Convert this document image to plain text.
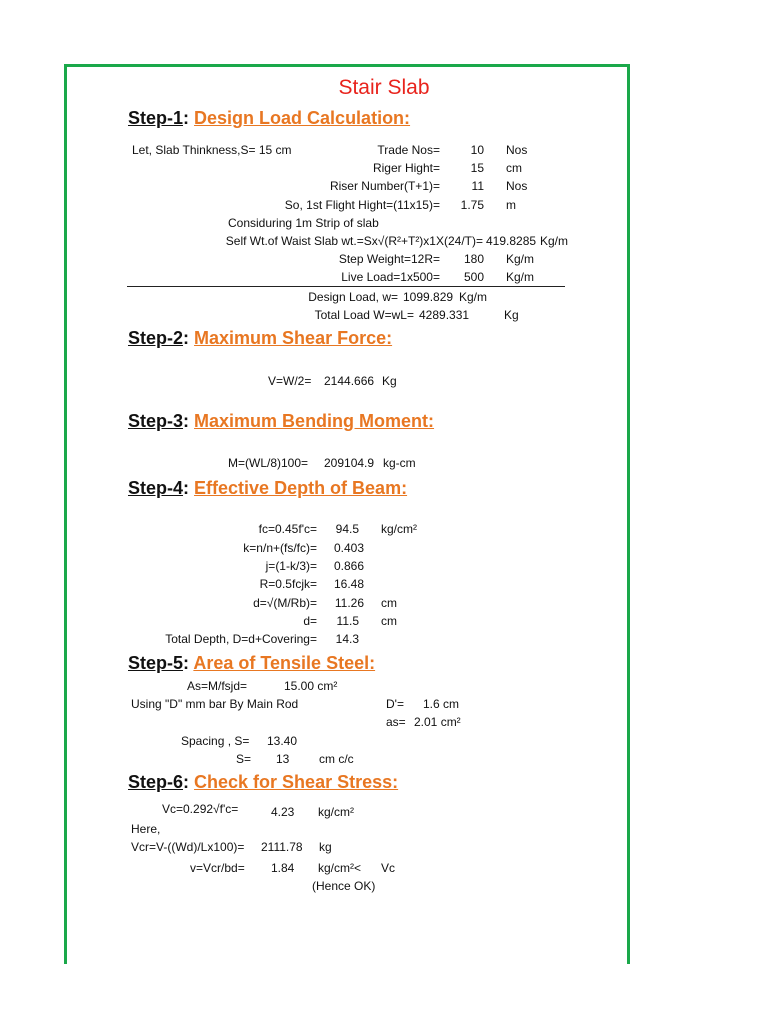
Stair Slab
Step-1: Design Load Calculation:
Let, Slab Thinkness,S= 15 cm	Trade Nos=	10 Nos
Riger Hight=	15 cm
Riser Number(T+1)=	11 Nos
So, 1st Flight Hight=(11x15)= 1.75 m
Considuring 1m Strip of slab
Self Wt.of Waist Slab wt.=Sx√(R²+T²)x1X(24/T)= 419.8285 Kg/m
Step Weight=12R= 180 Kg/m
Live Load=1x500= 500 Kg/m
Design Load, w= 1099.829 Kg/m
Total Load W=wL= 4289.331	Kg
Step-2: Maximum Shear Force:
V=W/2= 2144.666 Kg
Step-3: Maximum Bending Moment:
M=(WL/8)100= 209104.9 kg-cm
Step-4: Effective Depth of Beam:
fc=0.45f'c= 94.5 kg/cm²
k=n/n+(fs/fc)= 0.403
j=(1-k/3)= 0.866
R=0.5fcjk= 16.48
d=√(M/Rb)= 11.26 cm
d= 11.5 cm
Total Depth, D=d+Covering= 14.3
Step-5: Area of Tensile Steel:
As=M/fsjd=	15.00 cm²
Using "D" mm bar By Main Rod	D'= 1.6 cm
as= 2.01 cm²
Spacing , S= 13.40
S= 13 cm c/c
Step-6: Check for Shear Stress:
Vc=0.292√f'c=	4.23 kg/cm²
Here,
Vcr=V-((Wd)/Lx100)= 2111.78 kg
v=Vcr/bd= 1.84 kg/cm²< Vc
(Hence OK)
